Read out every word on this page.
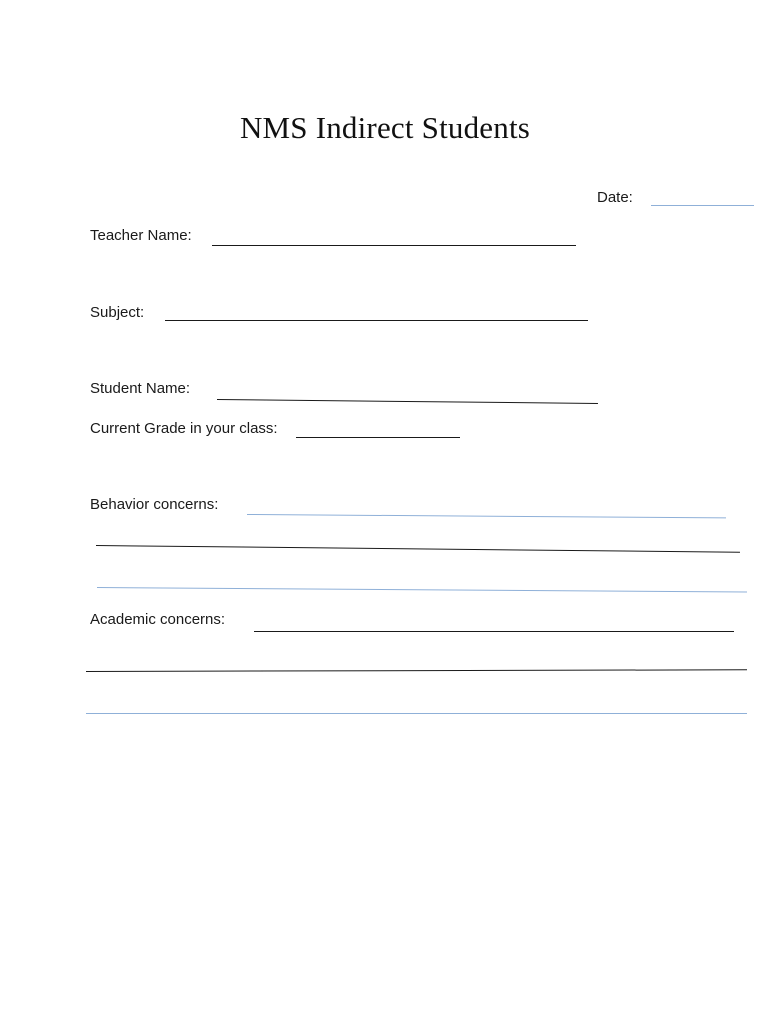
NMS Indirect Students
Date:
Teacher Name:
Subject:
Student Name:
Current Grade in your class:
Behavior concerns:
Academic concerns:
